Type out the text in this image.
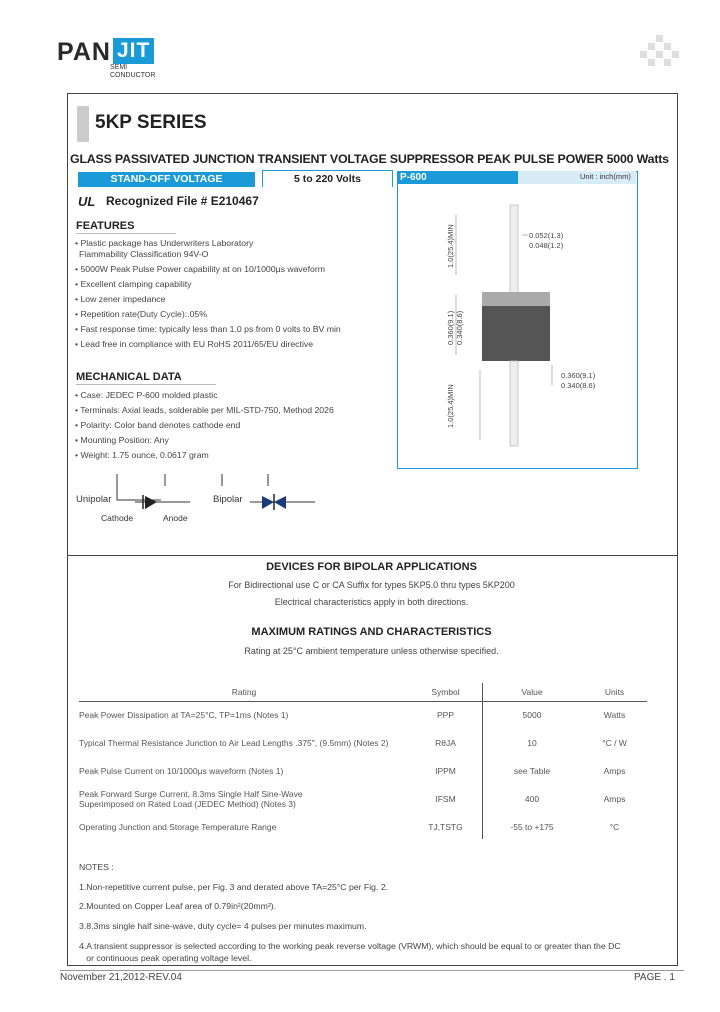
PAN JIT
SEMI
CONDUCTOR
5KP SERIES
GLASS PASSIVATED JUNCTION TRANSIENT VOLTAGE SUPPRESSOR PEAK PULSE POWER 5000 Watts
STAND-OFF VOLTAGE	5 to 220 Volts
UL Recognized File # E210467
FEATURES
• Plastic package has Underwriters Laboratory
Flammability Classification 94V-O
• 5000W Peak Pulse Power capability at on 10/1000μs waveform
• Excellent clamping capability
• Low zener impedance
• Repetition rate(Duty Cycle):.05%
• Fast response time: typically less than 1.0 ps from 0 volts to BV min
• Lead free in compliance with EU RoHS 2011/65/EU directive
MECHANICAL DATA
• Case: JEDEC P-600 molded plastic
• Terminals: Axial leads, solderable per MIL-STD-750, Method 2026
• Polarity: Color band denotes cathode end
• Mounting Position: Any
• Weight: 1.75 ounce, 0.0617 gram
Unipolar
Cathode	Anode
Bipolar
P-600	Unit : inch(mm)
0.052(1.3)
0.048(1.2)
1.0(25.4)MIN
0.360(9.1)
0.340(8.6)
0.360(9.1)
0.340(8.6)
1.0(25.4)MIN
DEVICES FOR BIPOLAR APPLICATIONS
For Bidirectional use C or CA Suffix for types 5KP5.0 thru types 5KP200
Electrical characteristics apply in both directions.
MAXIMUM RATINGS AND CHARACTERISTICS
Rating at 25°C ambient temperature unless otherwise specified.
Rating	Symbol	Value	Units
Peak Power Dissipation at TA=25°C, TP=1ms (Notes 1)	PPP	5000	Watts
Typical Thermal Resistance Junction to Air Lead Lengths .375", (9.5mm) (Notes 2)	RθJA	10	°C / W
Peak Pulse Current on 10/1000μs waveform (Notes 1)	IPPM	see Table	Amps
Peak Forward Surge Current, 8.3ms Single Half Sine-Wave
Superimposed on Rated Load (JEDEC Method) (Notes 3)	IFSM	400	Amps
Operating Junction and Storage Temperature Range	TJ,TSTG	-55 to +175	°C
NOTES :
1.Non-repetitive current pulse, per Fig. 3 and derated above TA=25°C per Fig. 2.
2.Mounted on Copper Leaf area of 0.79in²(20mm²).
3.8.3ms single half sine-wave, duty cycle= 4 pulses per minutes maximum.
4.A transient suppressor is selected according to the working peak reverse voltage (VRWM), which should be equal to or greater than the DC
or continuous peak operating voltage level.
November 21,2012-REV.04	PAGE . 1
